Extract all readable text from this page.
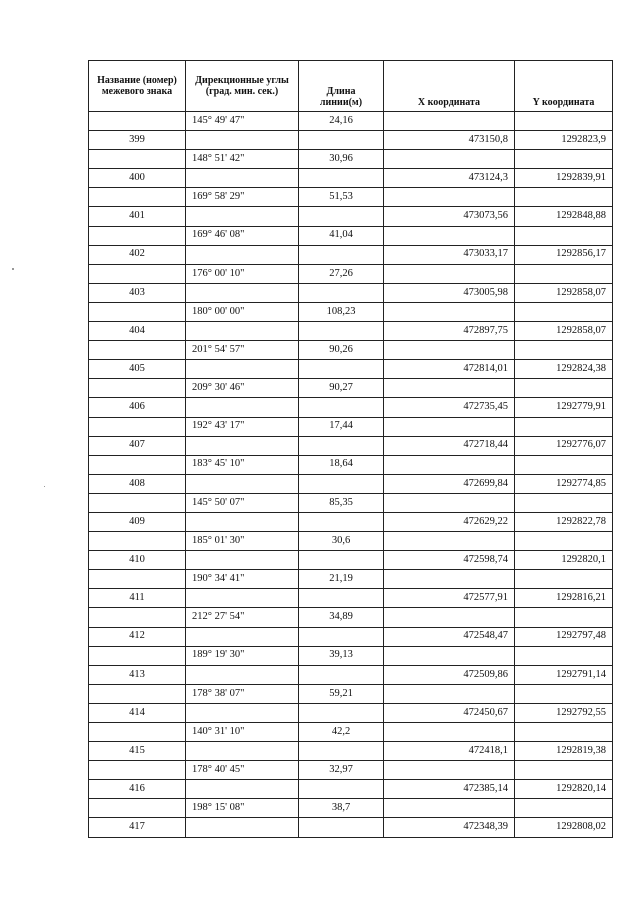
Название (номер) межевого знака	Дирекционные углы (град. мин. сек.)	Длина линии(м)	X координата	Y координата
	145° 49' 47"	24,16		
399			473150,8	1292823,9
	148° 51' 42"	30,96		
400			473124,3	1292839,91
	169° 58' 29"	51,53		
401			473073,56	1292848,88
	169° 46' 08"	41,04		
402			473033,17	1292856,17
	176° 00' 10"	27,26		
403			473005,98	1292858,07
	180° 00' 00"	108,23		
404			472897,75	1292858,07
	201° 54' 57"	90,26		
405			472814,01	1292824,38
	209° 30' 46"	90,27		
406			472735,45	1292779,91
	192° 43' 17"	17,44		
407			472718,44	1292776,07
	183° 45' 10"	18,64		
408			472699,84	1292774,85
	145° 50' 07"	85,35		
409			472629,22	1292822,78
	185° 01' 30"	30,6		
410			472598,74	1292820,1
	190° 34' 41"	21,19		
411			472577,91	1292816,21
	212° 27' 54"	34,89		
412			472548,47	1292797,48
	189° 19' 30"	39,13		
413			472509,86	1292791,14
	178° 38' 07"	59,21		
414			472450,67	1292792,55
	140° 31' 10"	42,2		
415			472418,1	1292819,38
	178° 40' 45"	32,97		
416			472385,14	1292820,14
	198° 15' 08"	38,7		
417			472348,39	1292808,02
